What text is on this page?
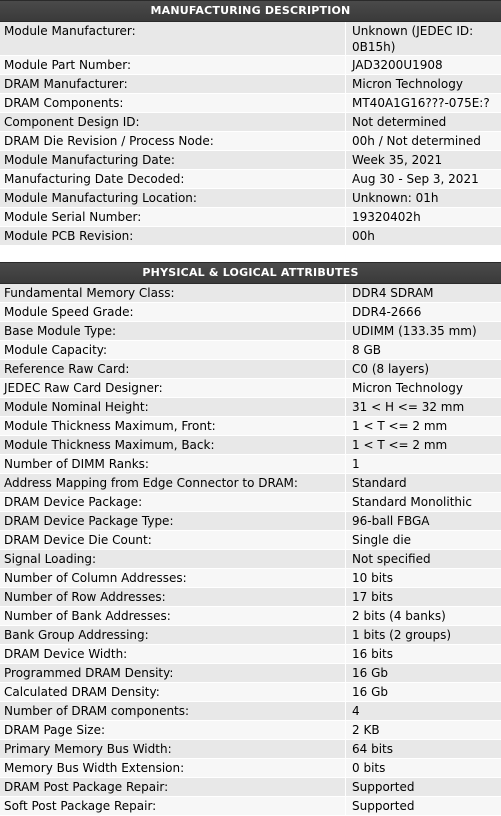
MANUFACTURING DESCRIPTION
Module Manufacturer:	Unknown (JEDEC ID: 0B15h)
Module Part Number:	JAD3200U1908
DRAM Manufacturer:	Micron Technology
DRAM Components:	MT40A1G16???-075E:?
Component Design ID:	Not determined
DRAM Die Revision / Process Node:	00h / Not determined
Module Manufacturing Date:	Week 35, 2021
Manufacturing Date Decoded:	Aug 30 - Sep 3, 2021
Module Manufacturing Location:	Unknown: 01h
Module Serial Number:	19320402h
Module PCB Revision:	00h
PHYSICAL & LOGICAL ATTRIBUTES
Fundamental Memory Class:	DDR4 SDRAM
Module Speed Grade:	DDR4-2666
Base Module Type:	UDIMM (133.35 mm)
Module Capacity:	8 GB
Reference Raw Card:	C0 (8 layers)
JEDEC Raw Card Designer:	Micron Technology
Module Nominal Height:	31 < H <= 32 mm
Module Thickness Maximum, Front:	1 < T <= 2 mm
Module Thickness Maximum, Back:	1 < T <= 2 mm
Number of DIMM Ranks:	1
Address Mapping from Edge Connector to DRAM:	Standard
DRAM Device Package:	Standard Monolithic
DRAM Device Package Type:	96-ball FBGA
DRAM Device Die Count:	Single die
Signal Loading:	Not specified
Number of Column Addresses:	10 bits
Number of Row Addresses:	17 bits
Number of Bank Addresses:	2 bits (4 banks)
Bank Group Addressing:	1 bits (2 groups)
DRAM Device Width:	16 bits
Programmed DRAM Density:	16 Gb
Calculated DRAM Density:	16 Gb
Number of DRAM components:	4
DRAM Page Size:	2 KB
Primary Memory Bus Width:	64 bits
Memory Bus Width Extension:	0 bits
DRAM Post Package Repair:	Supported
Soft Post Package Repair:	Supported
